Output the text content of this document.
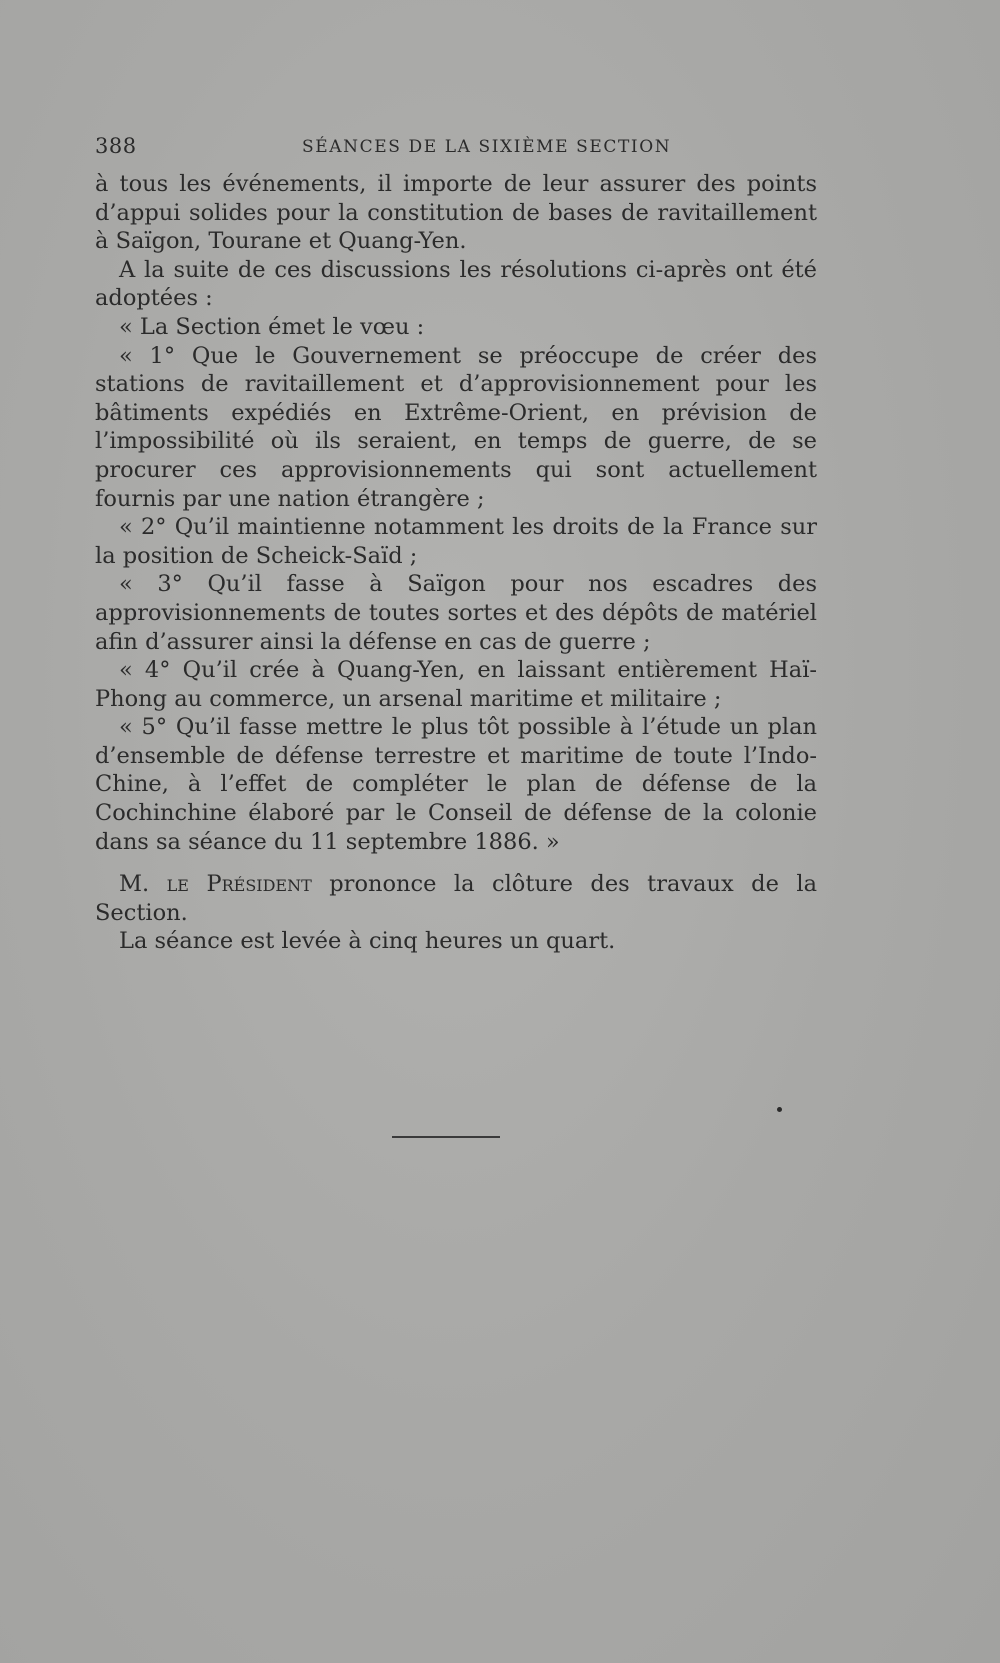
388	SÉANCES DE LA SIXIÈME SECTION

à tous les événements, il importe de leur assurer des points d’appui solides pour la constitution de bases de ravitaillement à Saïgon, Tourane et Quang-Yen.

A la suite de ces discussions les résolutions ci-après ont été adoptées :

« La Section émet le vœu :

« 1° Que le Gouvernement se préoccupe de créer des stations de ravitaillement et d’approvisionnement pour les bâtiments expédiés en Extrême-Orient, en prévision de l’impossibilité où ils seraient, en temps de guerre, de se procurer ces approvisionnements qui sont actuellement fournis par une nation étrangère ;

« 2° Qu’il maintienne notamment les droits de la France sur la position de Scheick-Saïd ;

« 3° Qu’il fasse à Saïgon pour nos escadres des approvisionnements de toutes sortes et des dépôts de matériel afin d’assurer ainsi la défense en cas de guerre ;

« 4° Qu’il crée à Quang-Yen, en laissant entièrement Haï-Phong au commerce, un arsenal maritime et militaire ;

« 5° Qu’il fasse mettre le plus tôt possible à l’étude un plan d’ensemble de défense terrestre et maritime de toute l’Indo-Chine, à l’effet de compléter le plan de défense de la Cochinchine élaboré par le Conseil de défense de la colonie dans sa séance du 11 septembre 1886. »

M. le Président prononce la clôture des travaux de la Section.

La séance est levée à cinq heures un quart.
